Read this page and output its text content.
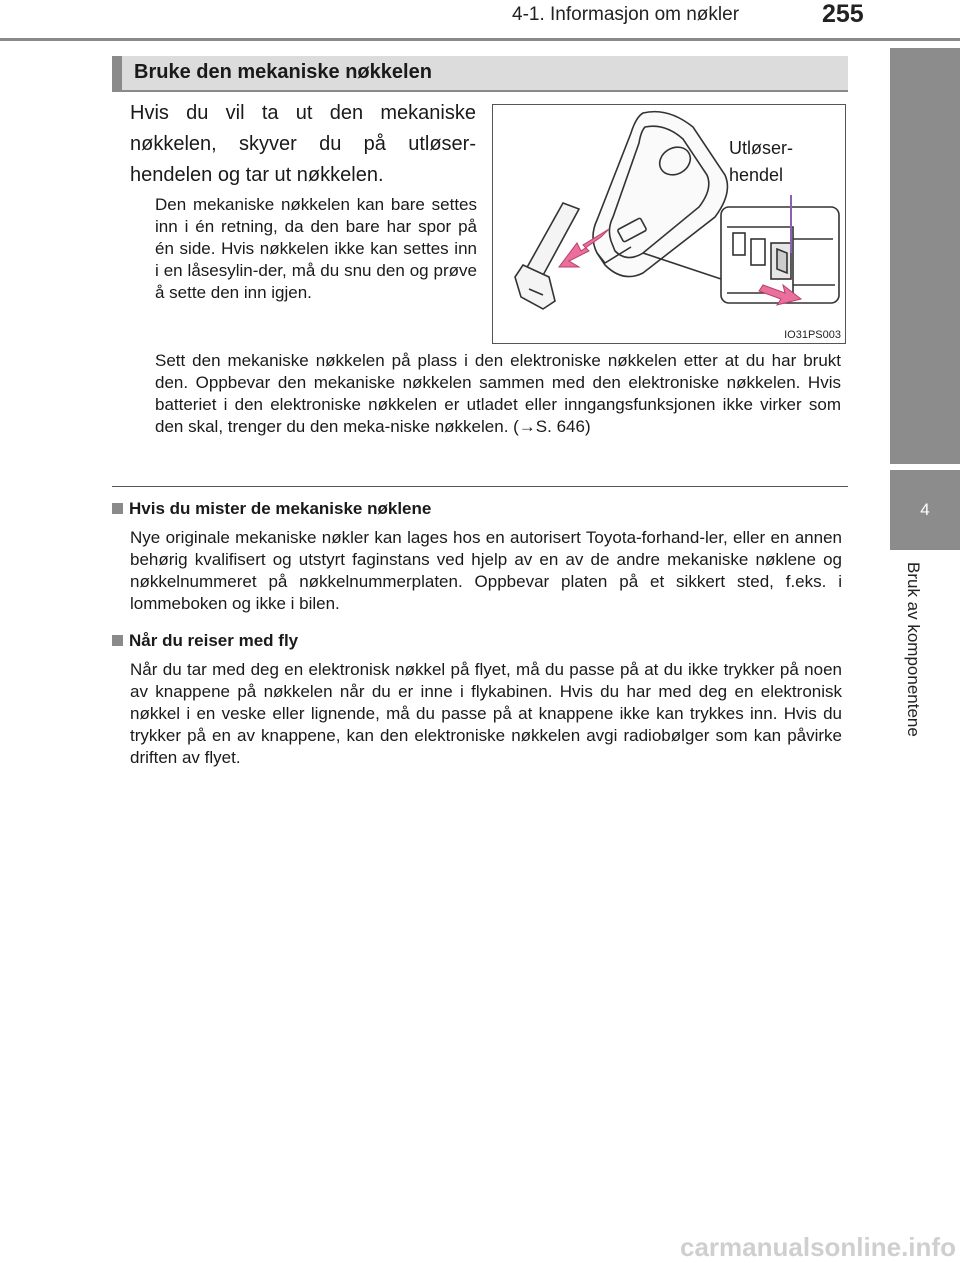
4-1. Informasjon om nøkler	255
4
Bruk av komponentene
Bruke den mekaniske nøkkelen
Hvis du vil ta ut den mekaniske nøkkelen, skyver du på utløser-hendelen og tar ut nøkkelen.
Den mekaniske nøkkelen kan bare settes inn i én retning, da den bare har spor på én side. Hvis nøkkelen ikke kan settes inn i en låsesylin-der, må du snu den og prøve å sette den inn igjen.
Utløser-
hendel
IO31PS003
Sett den mekaniske nøkkelen på plass i den elektroniske nøkkelen etter at du har brukt den. Oppbevar den mekaniske nøkkelen sammen med den elektroniske nøkkelen. Hvis batteriet i den elektroniske nøkkelen er utladet eller inngangsfunksjonen ikke virker som den skal, trenger du den meka-niske nøkkelen. (→S. 646)
Hvis du mister de mekaniske nøklene
Nye originale mekaniske nøkler kan lages hos en autorisert Toyota-forhand-ler, eller en annen behørig kvalifisert og utstyrt faginstans ved hjelp av en av de andre mekaniske nøklene og nøkkelnummeret på nøkkelnummerplaten. Oppbevar platen på et sikkert sted, f.eks. i lommeboken og ikke i bilen.
Når du reiser med fly
Når du tar med deg en elektronisk nøkkel på flyet, må du passe på at du ikke trykker på noen av knappene på nøkkelen når du er inne i flykabinen. Hvis du har med deg en elektronisk nøkkel i en veske eller lignende, må du passe på at knappene ikke kan trykkes inn. Hvis du trykker på en av knappene, kan den elektroniske nøkkelen avgi radiobølger som kan påvirke driften av flyet.
carmanualsonline.info
